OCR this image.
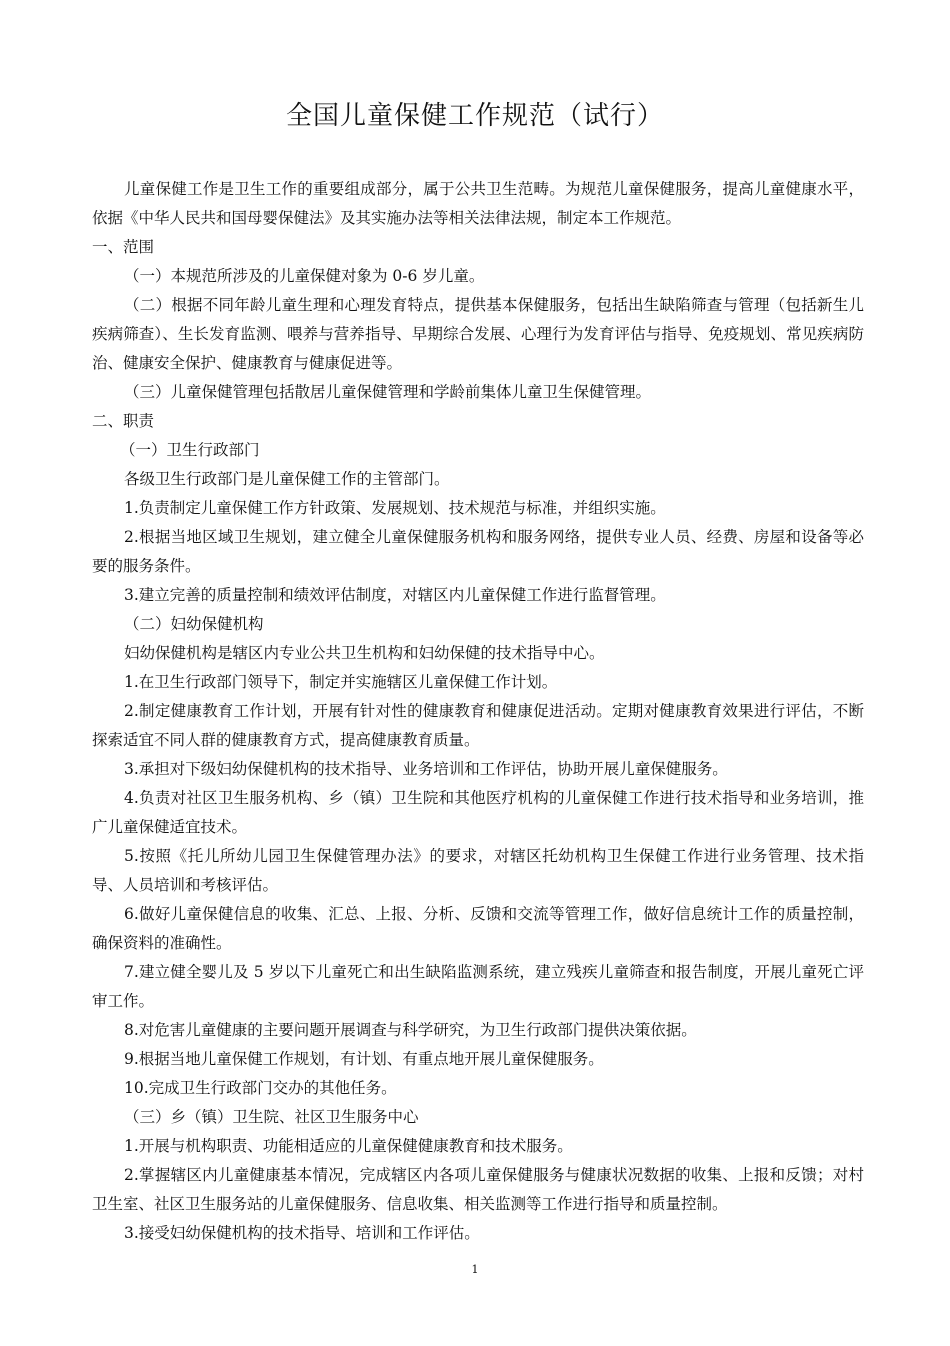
全国儿童保健工作规范（试行）

儿童保健工作是卫生工作的重要组成部分，属于公共卫生范畴。为规范儿童保健服务，提高儿童健康水平，依据《中华人民共和国母婴保健法》及其实施办法等相关法律法规，制定本工作规范。

一、范围

（一）本规范所涉及的儿童保健对象为 0-6 岁儿童。

（二）根据不同年龄儿童生理和心理发育特点，提供基本保健服务，包括出生缺陷筛查与管理（包括新生儿疾病筛查）、生长发育监测、喂养与营养指导、早期综合发展、心理行为发育评估与指导、免疫规划、常见疾病防治、健康安全保护、健康教育与健康促进等。

（三）儿童保健管理包括散居儿童保健管理和学龄前集体儿童卫生保健管理。

二、职责

（一）卫生行政部门

各级卫生行政部门是儿童保健工作的主管部门。

1.负责制定儿童保健工作方针政策、发展规划、技术规范与标准，并组织实施。

2.根据当地区域卫生规划，建立健全儿童保健服务机构和服务网络，提供专业人员、经费、房屋和设备等必要的服务条件。

3.建立完善的质量控制和绩效评估制度，对辖区内儿童保健工作进行监督管理。

（二）妇幼保健机构

妇幼保健机构是辖区内专业公共卫生机构和妇幼保健的技术指导中心。

1.在卫生行政部门领导下，制定并实施辖区儿童保健工作计划。

2.制定健康教育工作计划，开展有针对性的健康教育和健康促进活动。定期对健康教育效果进行评估，不断探索适宜不同人群的健康教育方式，提高健康教育质量。

3.承担对下级妇幼保健机构的技术指导、业务培训和工作评估，协助开展儿童保健服务。

4.负责对社区卫生服务机构、乡（镇）卫生院和其他医疗机构的儿童保健工作进行技术指导和业务培训，推广儿童保健适宜技术。

5.按照《托儿所幼儿园卫生保健管理办法》的要求，对辖区托幼机构卫生保健工作进行业务管理、技术指导、人员培训和考核评估。

6.做好儿童保健信息的收集、汇总、上报、分析、反馈和交流等管理工作，做好信息统计工作的质量控制，确保资料的准确性。

7.建立健全婴儿及 5 岁以下儿童死亡和出生缺陷监测系统，建立残疾儿童筛查和报告制度，开展儿童死亡评审工作。

8.对危害儿童健康的主要问题开展调查与科学研究，为卫生行政部门提供决策依据。

9.根据当地儿童保健工作规划，有计划、有重点地开展儿童保健服务。

10.完成卫生行政部门交办的其他任务。

（三）乡（镇）卫生院、社区卫生服务中心

1.开展与机构职责、功能相适应的儿童保健健康教育和技术服务。

2.掌握辖区内儿童健康基本情况，完成辖区内各项儿童保健服务与健康状况数据的收集、上报和反馈；对村卫生室、社区卫生服务站的儿童保健服务、信息收集、相关监测等工作进行指导和质量控制。

3.接受妇幼保健机构的技术指导、培训和工作评估。

1
